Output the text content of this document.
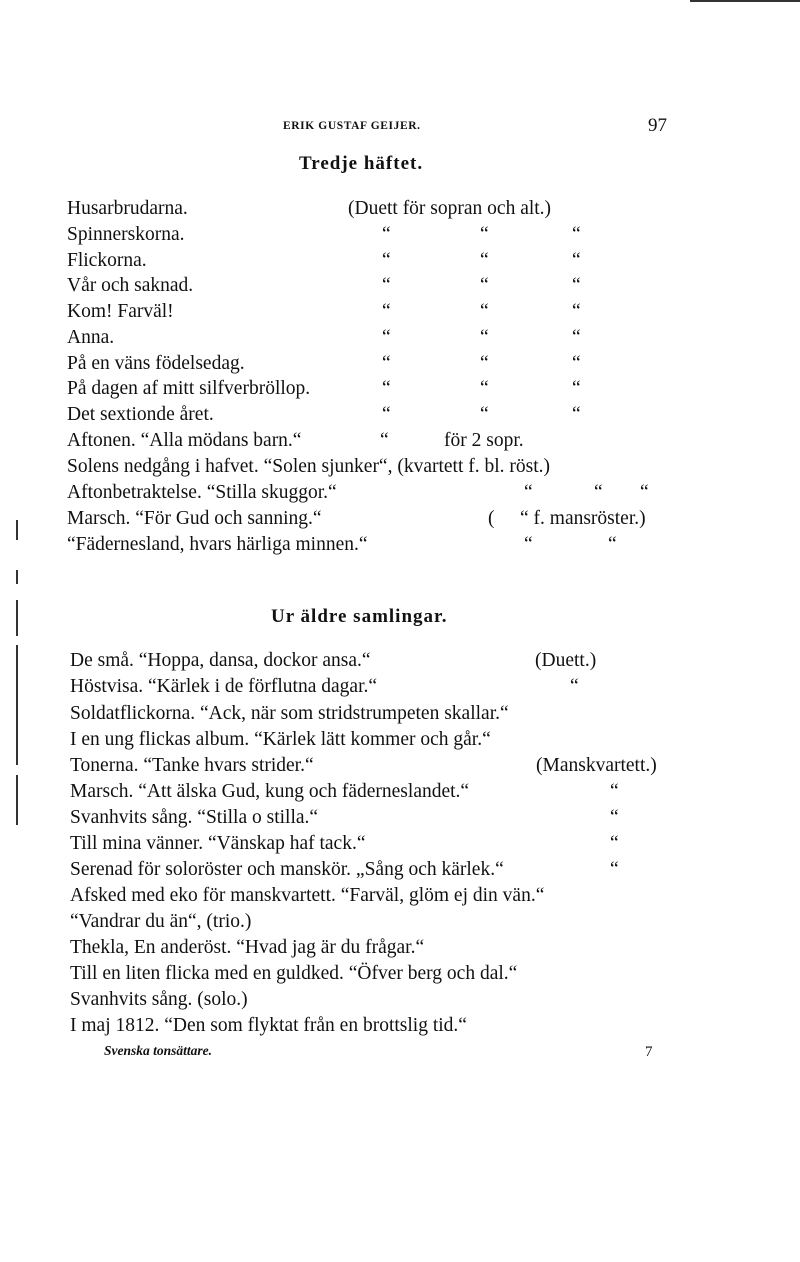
ERIK GUSTAF GEIJER.	97
Tredje häftet.
Husarbrudarna.	(Duett för sopran och alt.)
Spinnerskorna.	“	“	“
Flickorna.	“	“	“
Vår och saknad.	“	“	“
Kom! Farväl!	“	“	“
Anna.	“	“	“
På en väns födelsedag.	“	“	“
På dagen af mitt silfverbröllop.	“	“	“
Det sextionde året.	“	“	“
Aftonen. “Alla mödans barn.“	“	för 2 sopr.
Solens nedgång i hafvet. “Solen sjunker“, (kvartett f. bl. röst.)
Aftonbetraktelse. “Stilla skuggor.“	“	“ “
Marsch. “För Gud och sanning.“	( “ f. mansröster.)
“Fädernesland, hvars härliga minnen.“	“	“
Ur äldre samlingar.
De små. “Hoppa, dansa, dockor ansa.“	(Duett.)
Höstvisa. “Kärlek i de förflutna dagar.“	“
Soldatflickorna. “Ack, när som stridstrumpeten skallar.“
I en ung flickas album. “Kärlek lätt kommer och går.“
Tonerna. “Tanke hvars strider.“	(Manskvartett.)
Marsch. “Att älska Gud, kung och fäderneslandet.“	“
Svanhvits sång. “Stilla o stilla.“	“
Till mina vänner. “Vänskap haf tack.“	“
Serenad för soloröster och manskör. „Sång och kärlek.“	“
Afsked med eko för manskvartett. “Farväl, glöm ej din vän.“
“Vandrar du än“, (trio.)
Thekla, En anderöst. “Hvad jag är du frågar.“
Till en liten flicka med en guldked. “Öfver berg och dal.“
Svanhvits sång. (solo.)
I maj 1812. “Den som flyktat från en brottslig tid.“
Svenska tonsättare.	7
